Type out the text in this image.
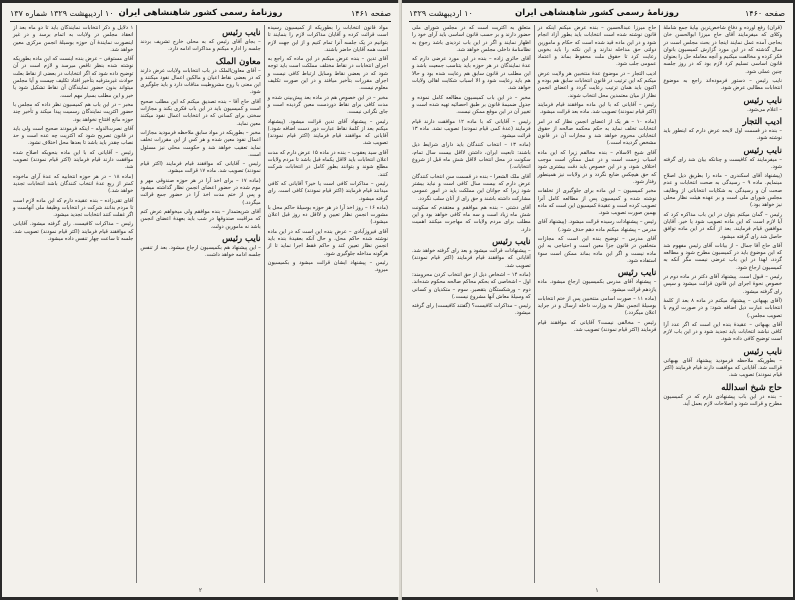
صفحه ۱۴۶۰
روزنامهٔ رسمی کشور شاهنشاهی ایران
۱۰ اردیبهشت ۱۳۲۹

(قرآن) رفع آورده و دفاع شاخص‌ترین بپایهٔ جمع شاملهٔ وکلای که میفرمایند آقای حاج میرزا ابوالحسن خان بحاجی آمده عمل نمایند اینجا در بحث مجلس است در سال گذشته که در این مورد گزارش کمیسیون بانوان فکر کرده و مخالفت میکنیم و آنچه معامله حل را بعنوان قانون اساسی تسلیم کرد لازم بود که در روز جلسه چنین عملی شود.

نایب رئیس – دستور فرموده‌اند راجع به موضوع انتخابات مطالبی عرض شود.

نایب رئیس

– اعلام می‌شود.

ادیب التجار

– بنده در قسمت اول لایحه عرض دارم که اینطور باید نوشته شود.

نایب رئیس

– میفرمایند که کافیست و چنانکه بیان شد رای گرفته شود.

(پیشنهاد آقای اسکندری – ماده را بطریق ذیل اصلاح مینمایم. ماده ۹ – رسیدگی به صحت انتخابات و عدم صحت آن و رسیدگی به شکایات انتخاباتی از وظایف مجلس شورای ملی است و بر عهده هیئت نظار محلی نیز خواهد بود.)

رئیس – گمان میکنم بتوان در این باب مذاکره کرد که آیا لازم است که این ماده تصویب شود یا خیر. آقایان موافقین قیام فرمایند. بعد از آنکه در این ماده توافق حاصل شد رای گرفته میشود.

آقای حاج آقا جمال – از بیانات آقای رئیس مفهوم شد که این موضوع باید در کمیسیون مطرح شود و مطالعه گردد، لهذا در این باب عرضی نیست مگر آنکه به کمیسیون ارجاع شود.

رئیس – قبول است. پیشنهاد آقای دکتر در ماده دوم در خصوص نحوهٔ اجرای این قانون قرائت میشود و سپس رای گرفته میشود.

(آقای بهبهانی – پیشنهاد میکنم در ماده ۸ بعد از کلمهٔ انتخابات عبارت ذیل اضافه شود: و در صورت لزوم با تصویب مجلس.)

آقای بهبهانی – عقیدهٔ بنده این است که اگر عدد آرا کافی نباشد انتخابات باید تجدید شود و در این باب لازم است توضیح کافی داده شود.

نایب رئیس

– بطوریکه ملاحظه فرمودید پیشنهاد آقای بهبهانی قرائت شد. آقایانی که موافقت دارند قیام فرمایند (اکثر قیام نمودند) تصویب شد.

حاج شیخ اسدالله

– بنده در این باب پیشنهادی دارم که در کمیسیون مطرح و قرائت شود و اصلاحات لازم بعمل آید.

حاج میرزا عبدالحسین – بنده عرض میکنم اینکه در قانون نوشته شده است انتخابات باید بطور آزاد انجام شود و در این ماده قید شده است که حکام و مامورین دولتی حق مداخله ندارند و این نکته را باید بخوبی رعایت کرد تا حقوق ملت محفوظ بماند و اعتماد عمومی جلب شود.

ادیب التجار – در موضوع عدهٔ منتخبین هر ولایت عرض میکنم که این ترتیب در قانون انتخابات سابق هم بوده و اکنون باید همان ترتیب رعایت گردد و اعضای انجمن نظار از میان معتمدین محل انتخاب شوند.

رئیس – آقایانی که با این ماده موافقند قیام فرمایند (اکثر قیام نمودند) تصویب شد. ماده بعد قرائت میشود.

(ماده ۱۰ – هر یک از اعضای انجمن نظار که در امر انتخابات تخلف نماید به حکم محکمه صالحه از حقوق انتخاباتی محروم خواهد شد و مجازات آن در قانون مشخص گردیده است.)

آقای شیخ الاسلام – بنده مخالفم زیرا که این ماده اسباب زحمت است و در عمل ممکن است موجب اختلاف شود، و در این خصوص باید دقت بیشتری شود که حق هیچکس ضایع نگردد و در ولایات نیز همینطور رفتار شود.

مخبر کمیسیون – این ماده برای جلوگیری از تخلفات نوشته شده و کمیسیون پس از مطالعه کامل آنرا تصویب کرده است و عقیدهٔ کمیسیون این است که ماده بهمین صورت تصویب شود.

رئیس – پیشنهادات رسیده قرائت میشود. (پیشنهاد آقای مدرس – پیشنهاد میکنم ماده دهم حذف شود.)

آقای مدرس – توضیح بنده این است که مجازات متخلفین در قانون جزا معین است و احتیاجی به این ماده نیست و اگر این ماده بماند ممکن است سوء استفاده شود.

نایب رئیس

– پیشنهاد آقای مدرس بکمیسیون ارجاع میشود. ماده یازدهم قرائت میشود.

(ماده ۱۱ – صورت اسامی منتخبین پس از ختم انتخابات بوسیلهٔ انجمن نظار به وزارت داخله ارسال و در جراید اعلان میگردد.)

رئیس – مخالفی نیست؟ آقایانی که موافقند قیام فرمایند (اکثر قیام نمودند) تصویب شد.

متعلق به اکثریت است که در مجلس شورای ملی حضور دارند و بر حسب قانون اساسی باید آرای خود را اظهار نمایند و اگر در این باب تردیدی باشد رجوع به نظامنامهٔ داخلی مجلس خواهد شد.

آقای حائری زاده – بنده در این مورد عرضی دارم که عدهٔ نمایندگان در هر حوزه باید بتناسب جمعیت باشد و این مطلب در قانون سابق هم رعایت شده بود و حالا هم باید رعایت شود و الا اسباب شکایت اهالی ولایات خواهد شد.

مخبر – در این باب کمیسیون مطالعه کامل نموده و جدول ضمیمهٔ قانون بر طبق احصائیه تهیه شده است و تغییر آن در این موقع ممکن نیست.

رئیس – آقایانی که با ماده ۱۲ موافقت دارند قیام فرمایند (عدهٔ کمی قیام نمودند) تصویب نشد. ماده ۱۳ قرائت میشود.

(ماده ۱۳ – انتخاب کنندگان باید دارای شرایط ذیل باشند: تابعیت ایران، داشتن لااقل بیست سال تمام، سکونت در محل انتخاب لااقل شش ماه قبل از شروع انتخابات.)

آقای ملک الشعرا – بنده در قسمت سن انتخاب کنندگان عرض دارم که بیست سال کافی است و نباید بیشتر شود زیرا که جوانان این مملکت باید در امور عمومی مشارکت داشته باشند و حق رای از آنان سلب نگردد.

آقای دشتی – بنده هم موافقم و معتقدم که سکونت شش ماه زیاد است و سه ماه کافی خواهد بود و این مطلب برای مردم ولایات که مهاجرت میکنند اهمیت دارد.

نایب رئیس

– پیشنهادات قرائت میشود و بعد رای گرفته خواهد شد. آقایانی که موافقند قیام فرمایند (اکثر قیام نمودند) تصویب شد.

(ماده ۱۴ – اشخاص ذیل از حق انتخاب کردن محرومند: اول – اشخاصی که بحکم محاکم صالحه محکوم شده‌اند. دوم – ورشکستگان بتقصیر. سوم – متکدیان و کسانی که وسیلهٔ معاش آنها مشروع نیست.)

رئیس – مذاکرات کافیست؟ (گفتند کافیست) رای گرفته میشود.

۱
صفحه ۱۴۶۱
روزنامهٔ رسمی کشور شاهنشاهی ایران
۱۰ اردیبهشت ۱۳۲۹ شماره ۱۳۷

مواد قانون انتخابات را بطوریکه از کمیسیون رسیده است قرائت کرده و آقایان مذاکرات لازم را بنمایند تا بتوانیم در یک جلسه آنرا تمام کنیم و از این جهت لازم است همه آقایان حاضر باشند.

آقای تدین – بنده عرض میکنم در این ماده که راجع به اجرای انتخابات در نقاط مختلف مملکت است باید توجه شود که در بعضی نقاط وسایل ارتباط کافی نیست و اجرای مقررات بتأخیر میافتد و در این صورت تکلیف معلوم نیست.

مخبر – در این خصوص هم در ماده بعد پیش‌بینی شده و مدت کافی برای نقاط دوردست معین گردیده است و جای نگرانی نیست.

رئیس – پیشنهاد آقای تدین قرائت میشود. (پیشنهاد میکنم بعد از کلمهٔ نقاط عبارت دور دست اضافه شود.) آقایانی که موافقند قیام فرمایند (اکثر قیام نمودند) تصویب شد.

آقای سید یعقوب – بنده در ماده ۱۵ عرض دارم که مدت اعلان انتخابات باید لااقل یکماه قبل باشد تا مردم ولایات مطلع شوند و بتوانند بطور کامل در انتخابات شرکت کنند.

رئیس – مذاکرات کافی است یا خیر؟ آقایانی که کافی میدانند قیام فرمایند (اکثر قیام نمودند) کافی است. رای گرفته میشود.

(ماده ۱۶ – روز اخذ آرا در هر حوزه بوسیلهٔ حاکم محل با مشورت انجمن نظار تعیین و لااقل ده روز قبل اعلان میشود.)

آقای فیروزآبادی – عرض بنده این است که در این ماده نوشته شده حاکم محل، و حال آنکه بعقیدهٔ بنده باید انجمن نظار تعیین کند و حاکم فقط اجرا نماید تا از هرگونه مداخله جلوگیری شود.

رئیس – پیشنهاد ایشان قرائت میشود و بکمیسیون میرود.

نایب رئیس

– بجای آقای رئیس که به محلی خارج تشریف بردند جلسه را اداره میکنم و مذاکرات ادامه دارد.

معاون الملک

– آقای معاون‌الملک در باب انتخابات ولایات عرض دارند که در بعضی نقاط اعیان و مالکین اعمال نفوذ میکنند و این معنی با روح مشروطیت منافات دارد و باید جلوگیری شود.

آقای حاج آقا – بنده تصدیق میکنم که این مطلب صحیح است و کمیسیون باید در این باب فکری بکند و مجازات سختی برای کسانی که در انتخابات اعمال نفوذ میکنند معین نماید.

مخبر – بطوریکه در مواد سابق ملاحظه فرمودید مجازات اعمال نفوذ معین شده و هر کس از این مقررات تخلف نماید تعقیب خواهد شد و حکومت محلی نیز مسئول است.

رئیس – آقایانی که موافقند قیام فرمایند (اکثر قیام نمودند) تصویب شد. ماده ۱۷ قرائت میشود.

(ماده ۱۷ – برای اخذ آرا در هر حوزه صندوقی مهر و موم شده در حضور اعضای انجمن نظار گذاشته میشود و پس از ختم مدت اخذ آرا در حضور جمع قرائت میگردد.)

آقای شریعتمدار – بنده موافقم ولی میخواهم عرض کنم که مراقبت صندوقها در شب باید بعهدهٔ اعضای انجمن باشد نه مامورین دولت.

نایب رئیس

– این پیشنهاد هم بکمیسیون ارجاع میشود. بعد از تنفس جلسه ادامه خواهد داشت.

۱ دلایل و ذکر انتخابات نمایندگان باید تا دو ماه بعد از انعقاد مجلس در ولایات به اتمام برسد و در غیر اینصورت نمایندهٔ آن حوزه بوسیلهٔ انجمن مرکزی معین خواهد شد.

آقای مستوفی – عرض بنده اینست که این ماده بطوریکه نوشته شده بنظر ناقص میرسد و لازم است در آن توضیح داده شود که اگر انتخابات در بعضی از نقاط بعلت حوادث غیرمترقبه بتأخیر افتاد تکلیف چیست و آیا مجلس میتواند بدون حضور نمایندگان آن نقاط تشکیل شود یا خیر و این مطلب بسیار مهم است.

مخبر – در این باب هم کمیسیون نظر داده که مجلس با حضور اکثریت نمایندگان رسمیت پیدا میکند و تأخیر چند حوزه مانع افتتاح نخواهد بود.

آقای نصرت‌الدوله – اینکه فرمودند صحیح است ولی باید در قانون تصریح شود که اکثریت چه عده است و حد نصاب چقدر باید باشد تا بعدها محل اختلاف نشود.

رئیس – آقایانی که با این ماده بنحویکه اصلاح شده موافقت دارند قیام فرمایند (اکثر قیام نمودند) تصویب شد.

(ماده ۱۸ – در هر حوزه انتخابیه که عدهٔ آرای ماخوذه کمتر از ربع عدهٔ انتخاب کنندگان باشد انتخابات تجدید خواهد شد.)

آقای تقی‌زاده – بنده عقیده دارم که این ماده لازم است تا مردم بدانند شرکت در انتخابات وظیفهٔ ملی آنهاست و اگر غفلت کنند انتخابات تجدید میشود.

رئیس – مذاکرات کافیست. رای گرفته میشود. آقایانی که موافقند قیام فرمایند (اکثر قیام نمودند) تصویب شد. جلسه تا ساعت چهار تنفس داده میشود.

۲
